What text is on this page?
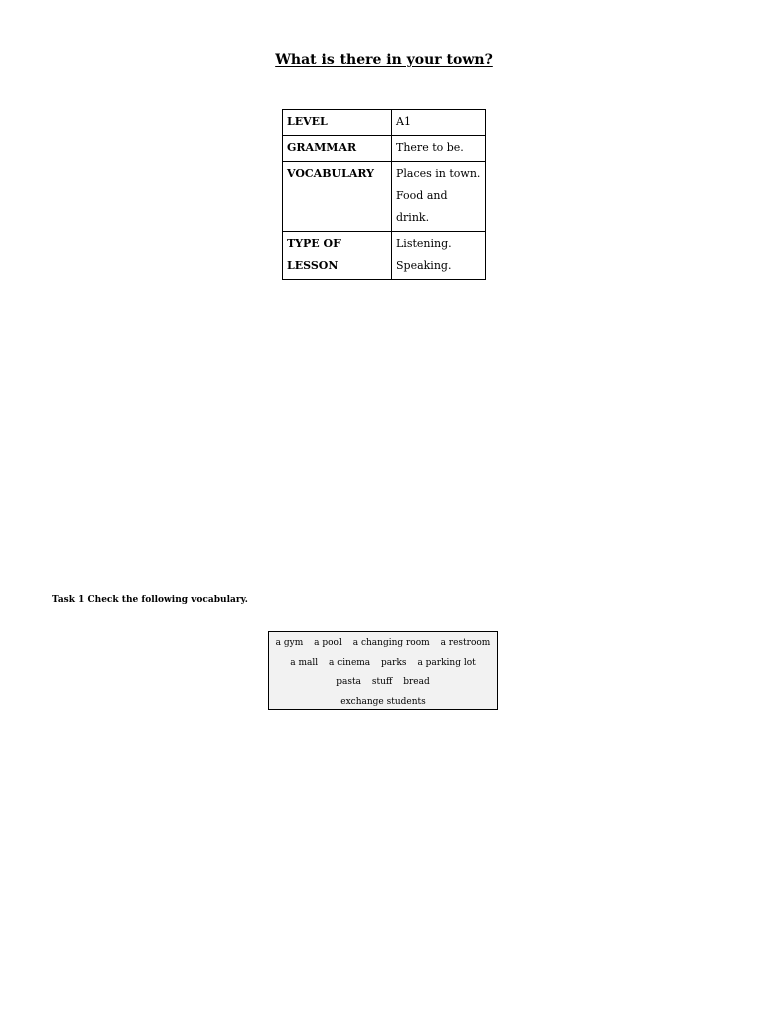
What is there in your town?
LEVEL	A1

GRAMMAR	There to be.

VOCABULARY	Places in town.
Food and drink.

TYPE OF LESSON	Listening.
Speaking.
Task 1 Check the following vocabulary.
a gym a pool a changing room a restroom
a mall a cinema parks a parking lot
pasta stuff bread
exchange students
